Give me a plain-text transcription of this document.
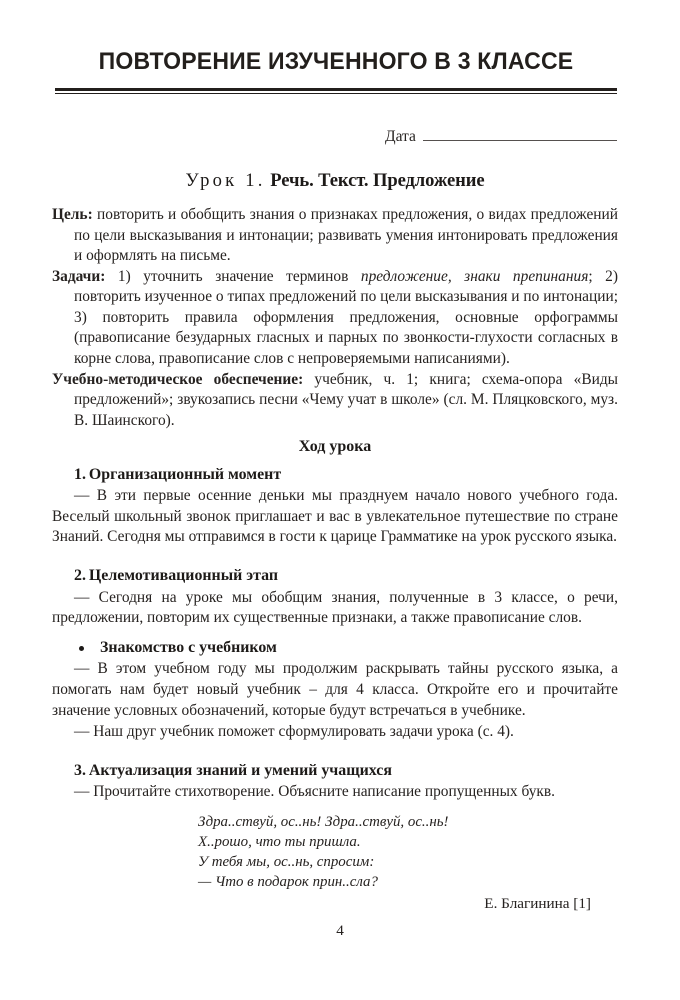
ПОВТОРЕНИЕ ИЗУЧЕННОГО В 3 КЛАССЕ
Дата
Урок 1. Речь. Текст. Предложение

Цель: повторить и обобщить знания о признаках предложения, о видах предложений по цели высказывания и интонации; развивать умения интонировать предложения и оформлять на письме.

Задачи: 1) уточнить значение терминов предложение, знаки препинания; 2) повторить изученное о типах предложений по цели высказывания и по интонации; 3) повторить правила оформления предложения, основные орфограммы (правописание безударных гласных и парных по звонкости-глухости согласных в корне слова, правописание слов с непроверяемыми написаниями).

Учебно-методическое обеспечение: учебник, ч. 1; книга; схема-опора «Виды предложений»; звукозапись песни «Чему учат в школе» (сл. М. Пляцковского, муз. В. Шаинского).

Ход урока

1. Организационный момент

— В эти первые осенние деньки мы празднуем начало нового учебного года. Веселый школьный звонок приглашает и вас в увлекательное путешествие по стране Знаний. Сегодня мы отправимся в гости к царице Грамматике на урок русского языка.

2. Целемотивационный этап

— Сегодня на уроке мы обобщим знания, полученные в 3 классе, о речи, предложении, повторим их существенные признаки, а также правописание слов.

Знакомство с учебником

— В этом учебном году мы продолжим раскрывать тайны русского языка, а помогать нам будет новый учебник – для 4 класса. Откройте его и прочитайте значение условных обозначений, которые будут встречаться в учебнике.

— Наш друг учебник поможет сформулировать задачи урока (с. 4).

3. Актуализация знаний и умений учащихся

— Прочитайте стихотворение. Объясните написание пропущенных букв.

Здра..ствуй, ос..нь! Здра..ствуй, ос..нь!
Х..рошо, что ты пришла.
У тебя мы, ос..нь, спросим:
— Что в подарок прин..сла?
Е. Благинина [1]
4
